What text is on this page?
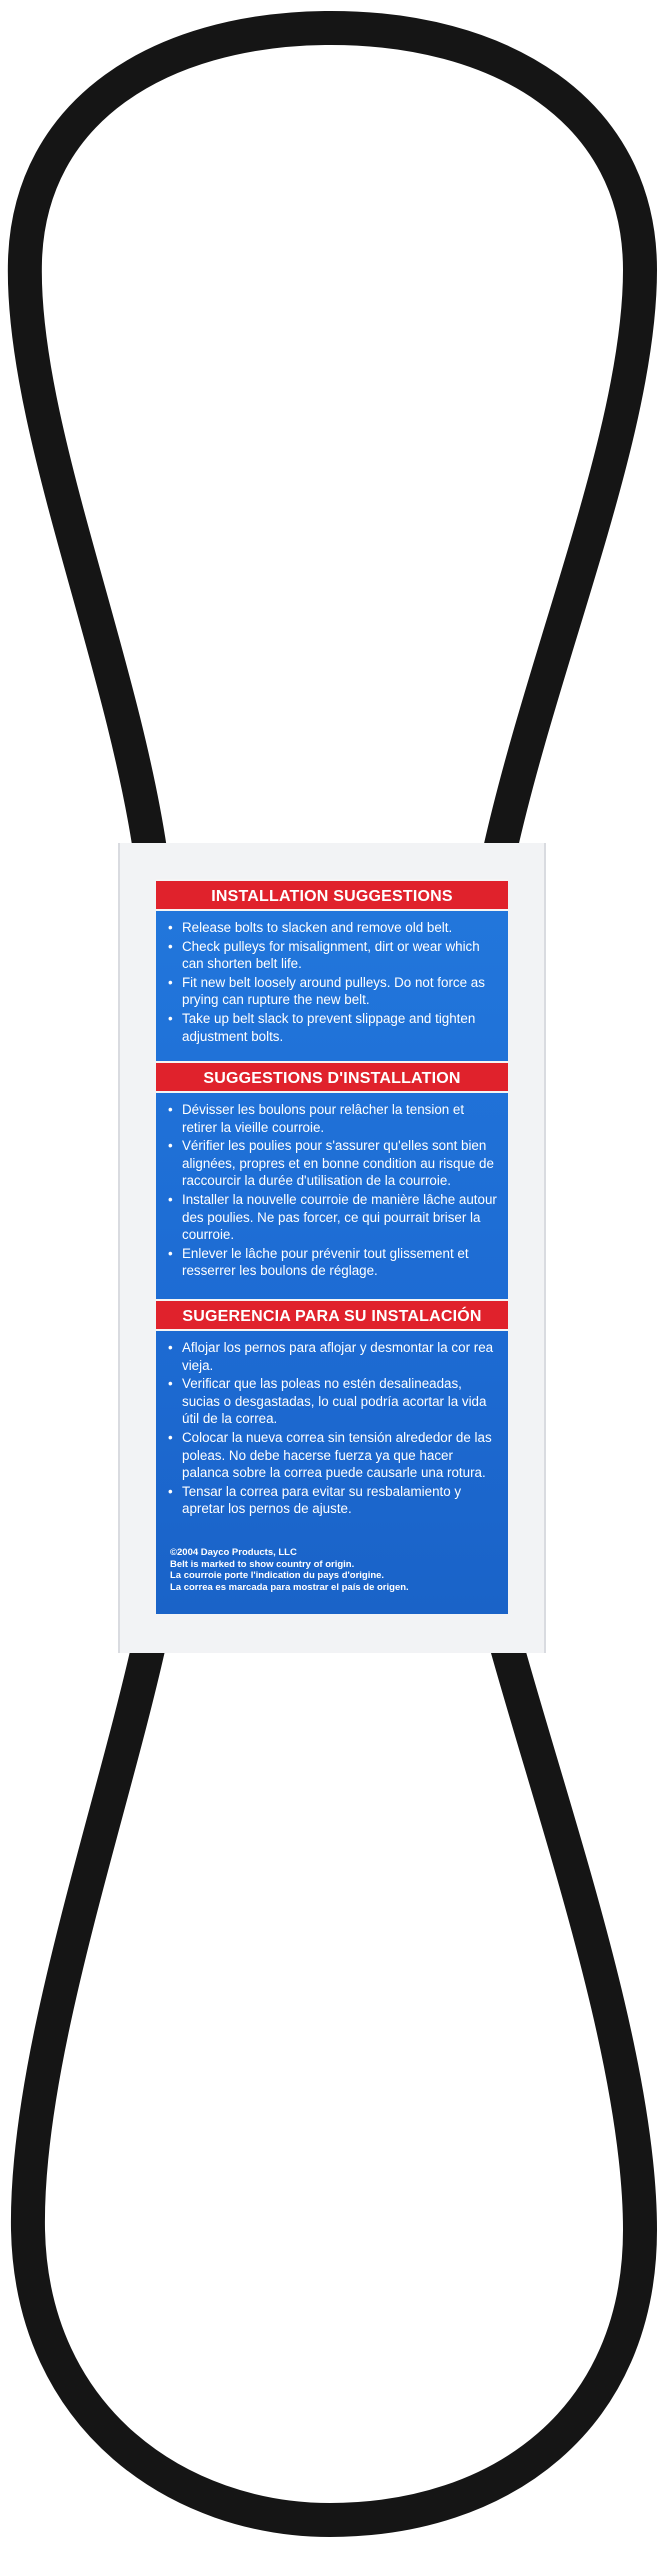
INSTALLATION SUGGESTIONS
• Release bolts to slacken and remove old belt.
• Check pulleys for misalignment, dirt or wear which can shorten belt life.
• Fit new belt loosely around pulleys. Do not force as prying can rupture the new belt.
• Take up belt slack to prevent slippage and tighten adjustment bolts.
SUGGESTIONS D'INSTALLATION
• Dévisser les boulons pour relâcher la tension et retirer la vieille courroie.
• Vérifier les poulies pour s'assurer qu'elles sont bien alignées, propres et en bonne condition au risque de raccourcir la durée d'utilisation de la courroie.
• Installer la nouvelle courroie de manière lâche autour des poulies. Ne pas forcer, ce qui pourrait briser la courroie.
• Enlever le lâche pour prévenir tout glissement et resserrer les boulons de réglage.
SUGERENCIA PARA SU INSTALACIÓN
• Aflojar los pernos para aflojar y desmontar la cor rea vieja.
• Verificar que las poleas no estén desalineadas, sucias o desgastadas, lo cual podría acortar la vida útil de la correa.
• Colocar la nueva correa sin tensión alrededor de las poleas. No debe hacerse fuerza ya que hacer palanca sobre la correa puede causarle una rotura.
• Tensar la correa para evitar su resbalamiento y apretar los pernos de ajuste.
©2004 Dayco Products, LLC
Belt is marked to show country of origin.
La courroie porte l'indication du pays d'origine.
La correa es marcada para mostrar el país de origen.
